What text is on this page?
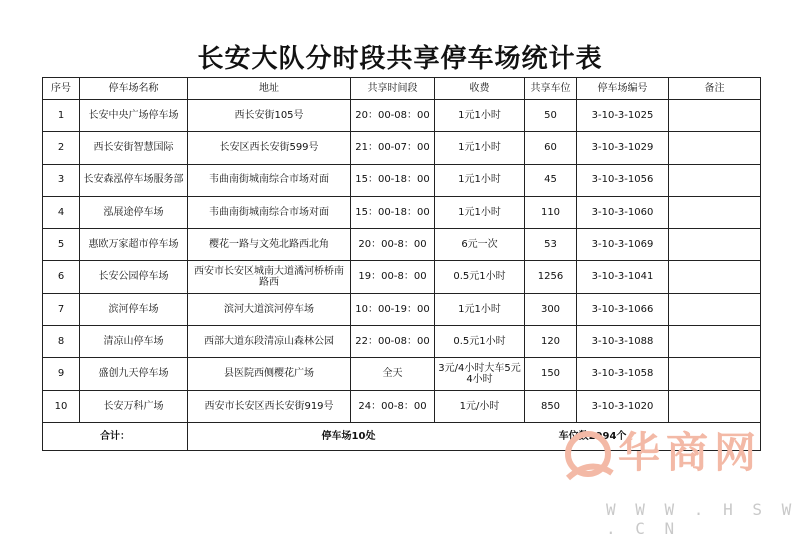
长安大队分时段共享停车场统计表
序号	停车场名称	地址	共享时间段	收费	共享车位	停车场编号	备注
1	长安中央广场停车场	西长安街105号	20：00-08：00	1元1小时	50	3-10-3-1025	
2	西长安街智慧国际	长安区西长安街599号	21：00-07：00	1元1小时	60	3-10-3-1029	
3	长安森泓停车场服务部	韦曲南街城南综合市场对面	15：00-18：00	1元1小时	45	3-10-3-1056	
4	泓展途停车场	韦曲南街城南综合市场对面	15：00-18：00	1元1小时	110	3-10-3-1060	
5	惠欧万家超市停车场	樱花一路与文苑北路西北角	20：00-8：00	6元一次	53	3-10-3-1069	
6	长安公园停车场	西安市长安区城南大道潏河桥桥南路西	19：00-8：00	0.5元1小时	1256	3-10-3-1041	
7	滨河停车场	滨河大道滨河停车场	10：00-19：00	1元1小时	300	3-10-3-1066	
8	清凉山停车场	西部大道东段清凉山森林公园	22：00-08：00	0.5元1小时	120	3-10-3-1088	
9	盛创九天停车场	县医院西侧樱花广场	全天	3元/4小时大车5元4小时	150	3-10-3-1058	
10	长安万科广场	西安市长安区西长安街919号	24：00-8：00	1元/小时	850	3-10-3-1020	
合计：		停车场10处 车位数2994个					
华商网
W W W . H S W . C N
